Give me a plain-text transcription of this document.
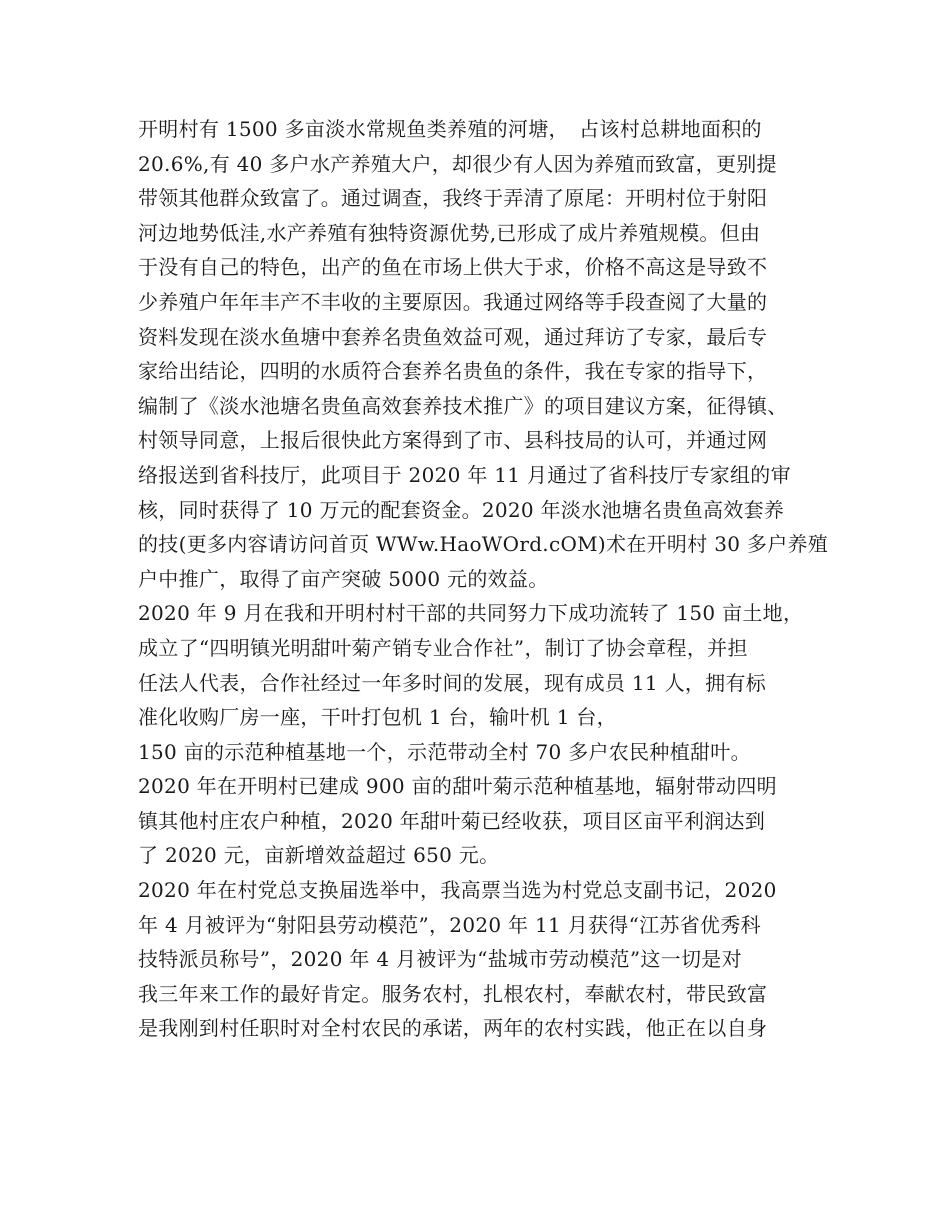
开明村有 1500 多亩淡水常规鱼类养殖的河塘，　占该村总耕地面积的
20.6%,有 40 多户水产养殖大户，却很少有人因为养殖而致富，更别提
带领其他群众致富了。通过调查，我终于弄清了原尾：开明村位于射阳
河边地势低洼,水产养殖有独特资源优势,已形成了成片养殖规模。但由
于没有自己的特色，出产的鱼在市场上供大于求，价格不高这是导致不
少养殖户年年丰产不丰收的主要原因。我通过网络等手段查阅了大量的
资料发现在淡水鱼塘中套养名贵鱼效益可观，通过拜访了专家，最后专
家给出结论，四明的水质符合套养名贵鱼的条件，我在专家的指导下，
编制了《淡水池塘名贵鱼高效套养技术推广》的项目建议方案，征得镇、
村领导同意，上报后很快此方案得到了市、县科技局的认可，并通过网
络报送到省科技厅，此项目于 2020 年 11 月通过了省科技厅专家组的审
核，同时获得了 10 万元的配套资金。2020 年淡水池塘名贵鱼高效套养
的技(更多内容请访问首页 WWw.HaoWOrd.cOM)术在开明村 30 多户养殖
户中推广，取得了亩产突破 5000 元的效益。
2020 年 9 月在我和开明村村干部的共同努力下成功流转了 150 亩土地，
成立了“四明镇光明甜叶菊产销专业合作社”，制订了协会章程，并担
任法人代表，合作社经过一年多时间的发展，现有成员 11 人，拥有标
准化收购厂房一座，干叶打包机 1 台，输叶机 1 台，
150 亩的示范种植基地一个，示范带动全村 70 多户农民种植甜叶。
2020 年在开明村已建成 900 亩的甜叶菊示范种植基地，辐射带动四明
镇其他村庄农户种植，2020 年甜叶菊已经收获，项目区亩平利润达到
了 2020 元，亩新增效益超过 650 元。
2020 年在村党总支换届选举中，我高票当选为村党总支副书记，2020
年 4 月被评为“射阳县劳动模范”，2020 年 11 月获得“江苏省优秀科
技特派员称号”，2020 年 4 月被评为“盐城市劳动模范”这一切是对
我三年来工作的最好肯定。服务农村，扎根农村，奉献农村，带民致富
是我刚到村任职时对全村农民的承诺，两年的农村实践，他正在以自身
